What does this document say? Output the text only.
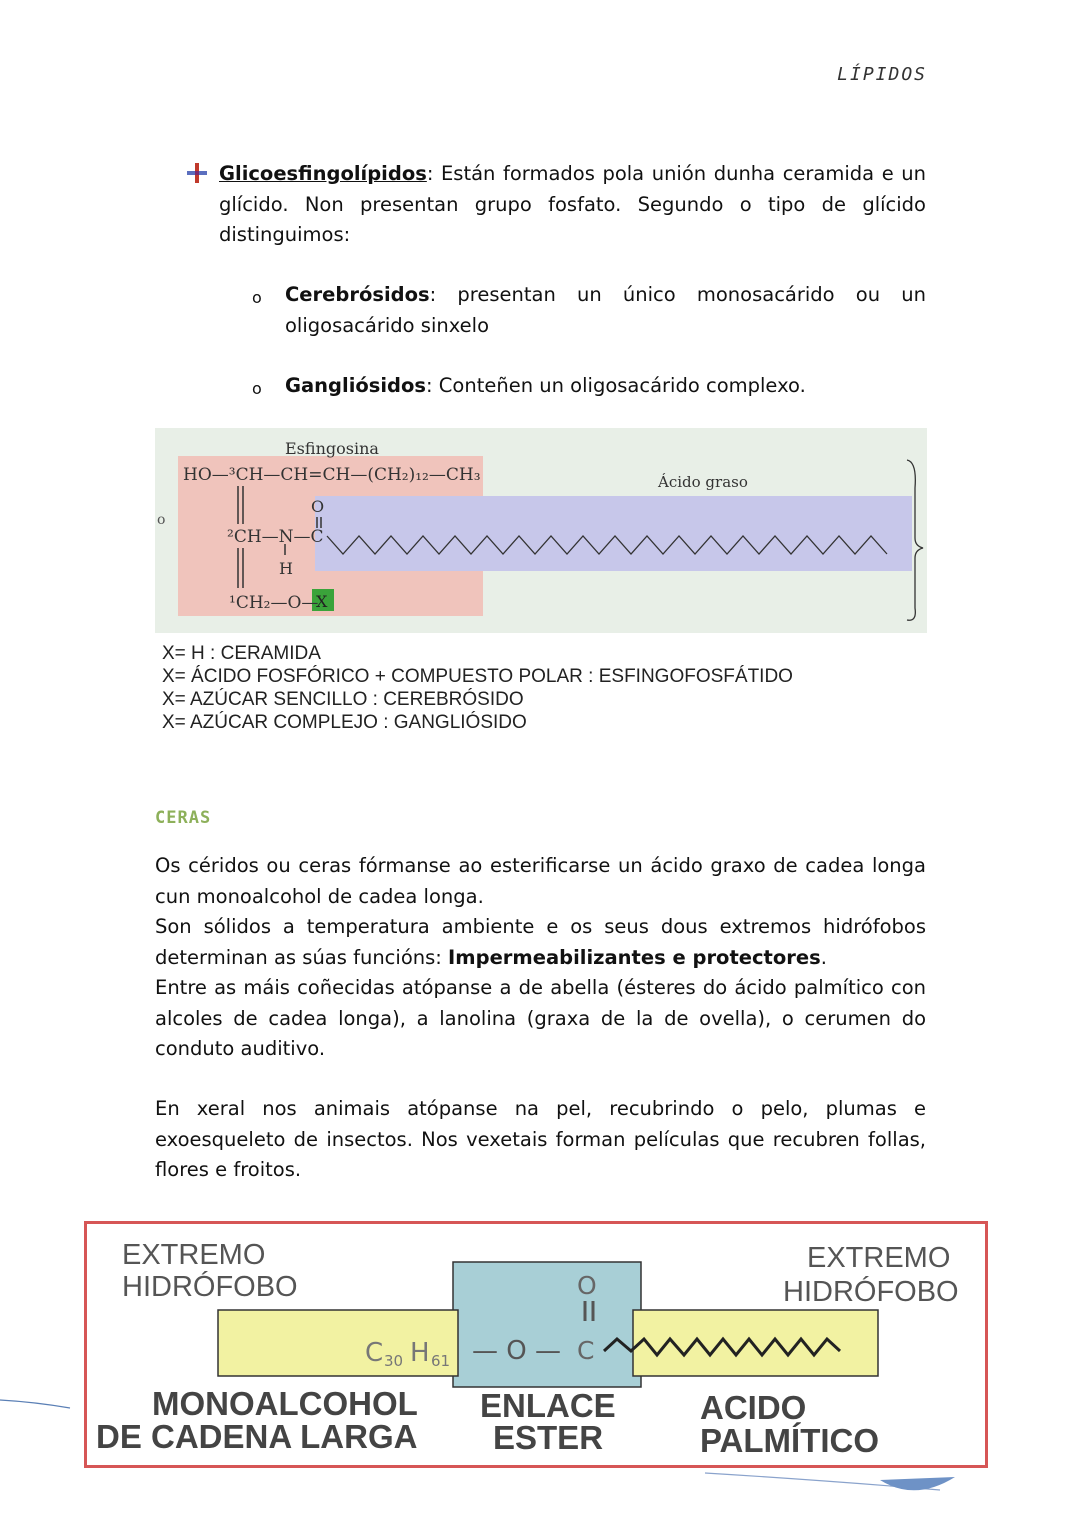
LÍPIDOS
Glicoesfingolípidos: Están formados pola unión dunha ceramida e un glícido. Non presentan grupo fosfato. Segundo o tipo de glícido distinguimos:
o Cerebrósidos: presentan un único monosacárido ou un oligosacárido sinxelo
o Gangliósidos: Conteñen un oligosacárido complexo.
Esfingosina
HO—³CH—CH=CH—(CH₂)₁₂—CH₃	Ácido graso
O
²CH—N—C
H
¹CH₂—O—
X
o
X= H : CERAMIDA
X= ÁCIDO FOSFÓRICO + COMPUESTO POLAR : ESFINGOFOSFÁTIDO
X= AZÚCAR SENCILLO : CEREBRÓSIDO
X= AZÚCAR COMPLEJO : GANGLIÓSIDO
CERAS
Os céridos ou ceras fórmanse ao esterificarse un ácido graxo de cadea longa cun monoalcohol de cadea longa.
Son sólidos a temperatura ambiente e os seus dous extremos hidrófobos determinan as súas funcións: Impermeabilizantes e protectores.
Entre as máis coñecidas atópanse a de abella (ésteres do ácido palmítico con alcoles de cadea longa), a lanolina (graxa de la de ovella), o cerumen do conduto auditivo.
En xeral nos animais atópanse na pel, recubrindo o pelo, plumas e exoesqueleto de insectos. Nos vexetais forman películas que recubren follas, flores e froitos.
EXTREMO
HIDRÓFOBO
EXTREMO
HIDRÓFOBO
C 30 H 61 — O —
O
C
MONOALCOHOL
DE CADENA LARGA
ENLACE
ESTER
ACIDO
PALMÍTICO
